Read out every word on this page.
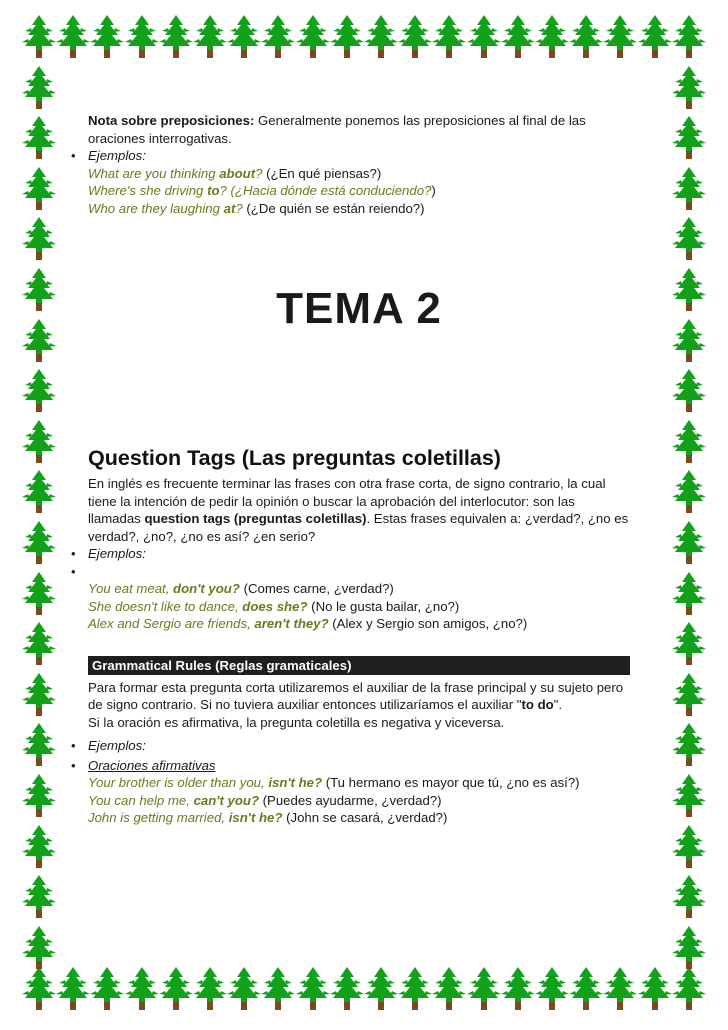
Nota sobre preposiciones: Generalmente ponemos las preposiciones al final de las oraciones interrogativas.

• Ejemplos:
What are you thinking about? (¿En qué piensas?)
Where's she driving to? (¿Hacia dónde está conduciendo?)
Who are they laughing at? (¿De quién se están reiendo?)

TEMA 2

Question Tags (Las preguntas coletillas)

En inglés es frecuente terminar las frases con otra frase corta, de signo contrario, la cual tiene la intención de pedir la opinión o buscar la aprobación del interlocutor: son las llamadas question tags (preguntas coletillas). Estas frases equivalen a: ¿verdad?, ¿no es verdad?, ¿no?, ¿no es así? ¿en serio?

• Ejemplos:
•

You eat meat, don't you? (Comes carne, ¿verdad?)
She doesn't like to dance, does she? (No le gusta bailar, ¿no?)
Alex and Sergio are friends, aren't they? (Alex y Sergio son amigos, ¿no?)
Grammatical Rules (Reglas gramaticales)

Para formar esta pregunta corta utilizaremos el auxiliar de la frase principal y su sujeto pero de signo contrario. Si no tuviera auxiliar entonces utilizaríamos el auxiliar "to do".

Si la oración es afirmativa, la pregunta coletilla es negativa y viceversa.

• Ejemplos:
• Oraciones afirmativas
Your brother is older than you, isn't he? (Tu hermano es mayor que tú, ¿no es así?)
You can help me, can't you? (Puedes ayudarme, ¿verdad?)
John is getting married, isn't he? (John se casará, ¿verdad?)
